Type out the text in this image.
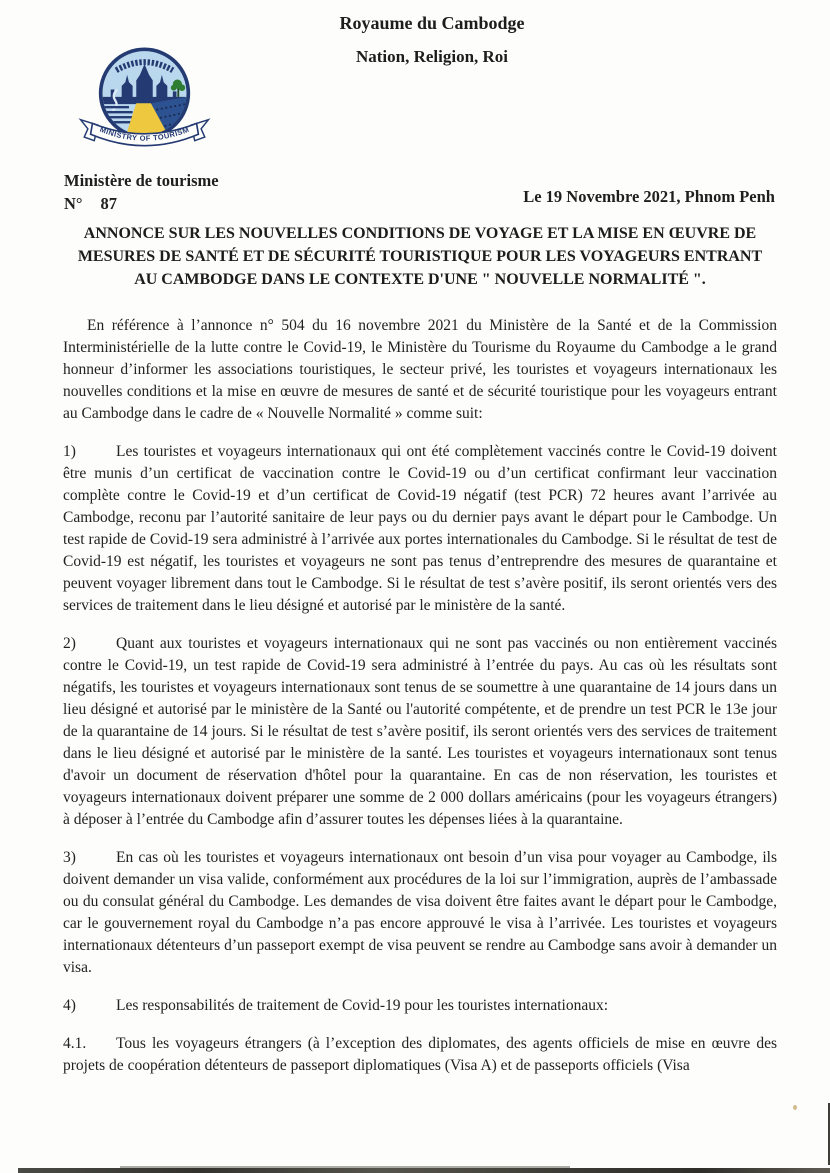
Royaume du Cambodge
Nation, Religion, Roi
MINISTRY OF TOURISM
Ministère de tourisme
N° 87	Le 19 Novembre 2021, Phnom Penh
ANNONCE SUR LES NOUVELLES CONDITIONS DE VOYAGE ET LA MISE EN ŒUVRE DE MESURES DE SANTÉ ET DE SÉCURITÉ TOURISTIQUE POUR LES VOYAGEURS ENTRANT AU CAMBODGE DANS LE CONTEXTE D'UNE " NOUVELLE NORMALITÉ ".

En référence à l’annonce n° 504 du 16 novembre 2021 du Ministère de la Santé et de la Commission Interministérielle de la lutte contre le Covid-19, le Ministère du Tourisme du Royaume du Cambodge a le grand honneur d’informer les associations touristiques, le secteur privé, les touristes et voyageurs internationaux les nouvelles conditions et la mise en œuvre de mesures de santé et de sécurité touristique pour les voyageurs entrant au Cambodge dans le cadre de « Nouvelle Normalité » comme suit:

1)	Les touristes et voyageurs internationaux qui ont été complètement vaccinés contre le Covid-19 doivent être munis d’un certificat de vaccination contre le Covid-19 ou d’un certificat confirmant leur vaccination complète contre le Covid-19 et d’un certificat de Covid-19 négatif (test PCR) 72 heures avant l’arrivée au Cambodge, reconu par l’autorité sanitaire de leur pays ou du dernier pays avant le départ pour le Cambodge. Un test rapide de Covid-19 sera administré à l’arrivée aux portes internationales du Cambodge. Si le résultat de test de Covid-19 est négatif, les touristes et voyageurs ne sont pas tenus d’entreprendre des mesures de quarantaine et peuvent voyager librement dans tout le Cambodge. Si le résultat de test s’avère positif, ils seront orientés vers des services de traitement dans le lieu désigné et autorisé par le ministère de la santé.

2)	Quant aux touristes et voyageurs internationaux qui ne sont pas vaccinés ou non entièrement vaccinés contre le Covid-19, un test rapide de Covid-19 sera administré à l’entrée du pays. Au cas où les résultats sont négatifs, les touristes et voyageurs internationaux sont tenus de se soumettre à une quarantaine de 14 jours dans un lieu désigné et autorisé par le ministère de la Santé ou l'autorité compétente, et de prendre un test PCR le 13e jour de la quarantaine de 14 jours. Si le résultat de test s’avère positif, ils seront orientés vers des services de traitement dans le lieu désigné et autorisé par le ministère de la santé. Les touristes et voyageurs internationaux sont tenus d'avoir un document de réservation d'hôtel pour la quarantaine. En cas de non réservation, les touristes et voyageurs internationaux doivent préparer une somme de 2 000 dollars américains (pour les voyageurs étrangers) à déposer à l’entrée du Cambodge afin d’assurer toutes les dépenses liées à la quarantaine.

3)	En cas où les touristes et voyageurs internationaux ont besoin d’un visa pour voyager au Cambodge, ils doivent demander un visa valide, conformément aux procédures de la loi sur l’immigration, auprès de l’ambassade ou du consulat général du Cambodge. Les demandes de visa doivent être faites avant le départ pour le Cambodge, car le gouvernement royal du Cambodge n’a pas encore approuvé le visa à l’arrivée. Les touristes et voyageurs internationaux détenteurs d’un passeport exempt de visa peuvent se rendre au Cambodge sans avoir à demander un visa.

4)	Les responsabilités de traitement de Covid-19 pour les touristes internationaux:

4.1. Tous les voyageurs étrangers (à l’exception des diplomates, des agents officiels de mise en œuvre des projets de coopération détenteurs de passeport diplomatiques (Visa A) et de passeports officiels (Visa
